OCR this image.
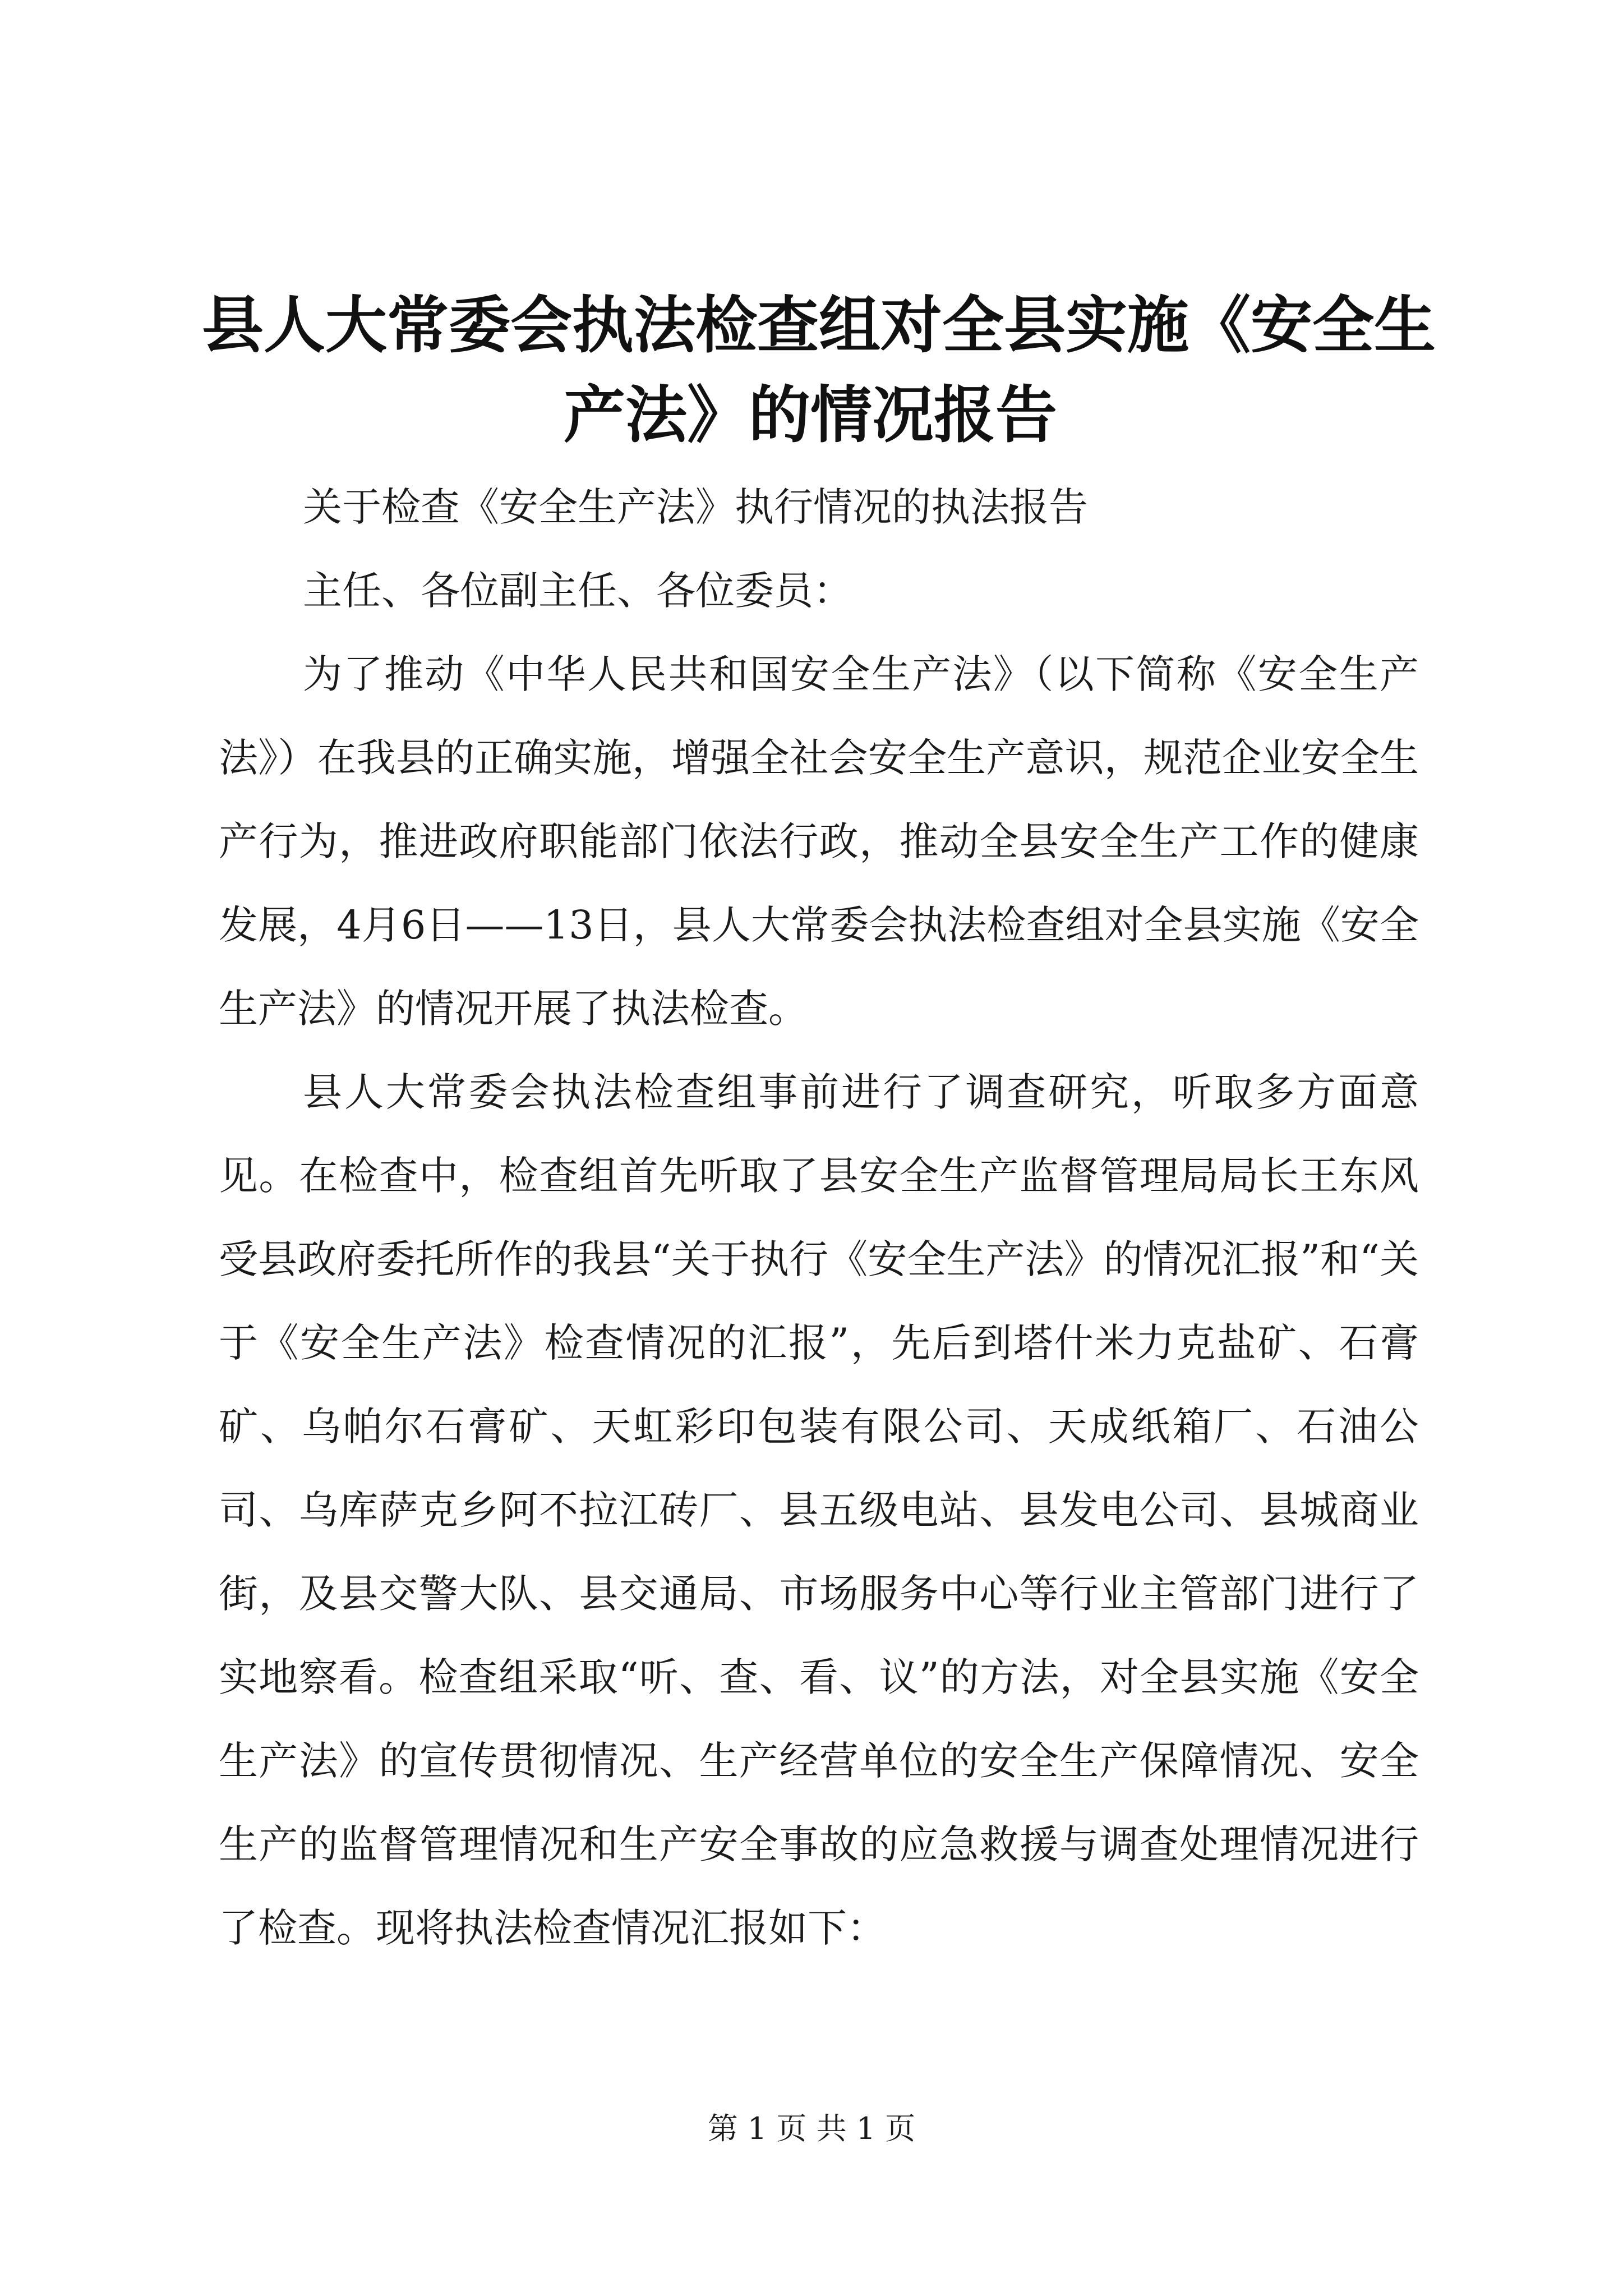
县人大常委会执法检查组对全县实施《安全生
产法》的情况报告

关于检查《安全生产法》执行情况的执法报告

主任、各位副主任、各位委员：

为了推动《中华人民共和国安全生产法》（以下简称《安全生产法》）在我县的正确实施，增强全社会安全生产意识，规范企业安全生产行为，推进政府职能部门依法行政，推动全县安全生产工作的健康发展，4月6日——13日，县人大常委会执法检查组对全县实施《安全生产法》的情况开展了执法检查。

县人大常委会执法检查组事前进行了调查研究，听取多方面意见。在检查中，检查组首先听取了县安全生产监督管理局局长王东风受县政府委托所作的我县“关于执行《安全生产法》的情况汇报”和“关于《安全生产法》检查情况的汇报”，先后到塔什米力克盐矿、石膏矿、乌帕尔石膏矿、天虹彩印包装有限公司、天成纸箱厂、石油公司、乌库萨克乡阿不拉江砖厂、县五级电站、县发电公司、县城商业街，及县交警大队、县交通局、市场服务中心等行业主管部门进行了实地察看。检查组采取“听、查、看、议”的方法，对全县实施《安全生产法》的宣传贯彻情况、生产经营单位的安全生产保障情况、安全生产的监督管理情况和生产安全事故的应急救援与调查处理情况进行了检查。现将执法检查情况汇报如下：

第 1 页 共 1 页
